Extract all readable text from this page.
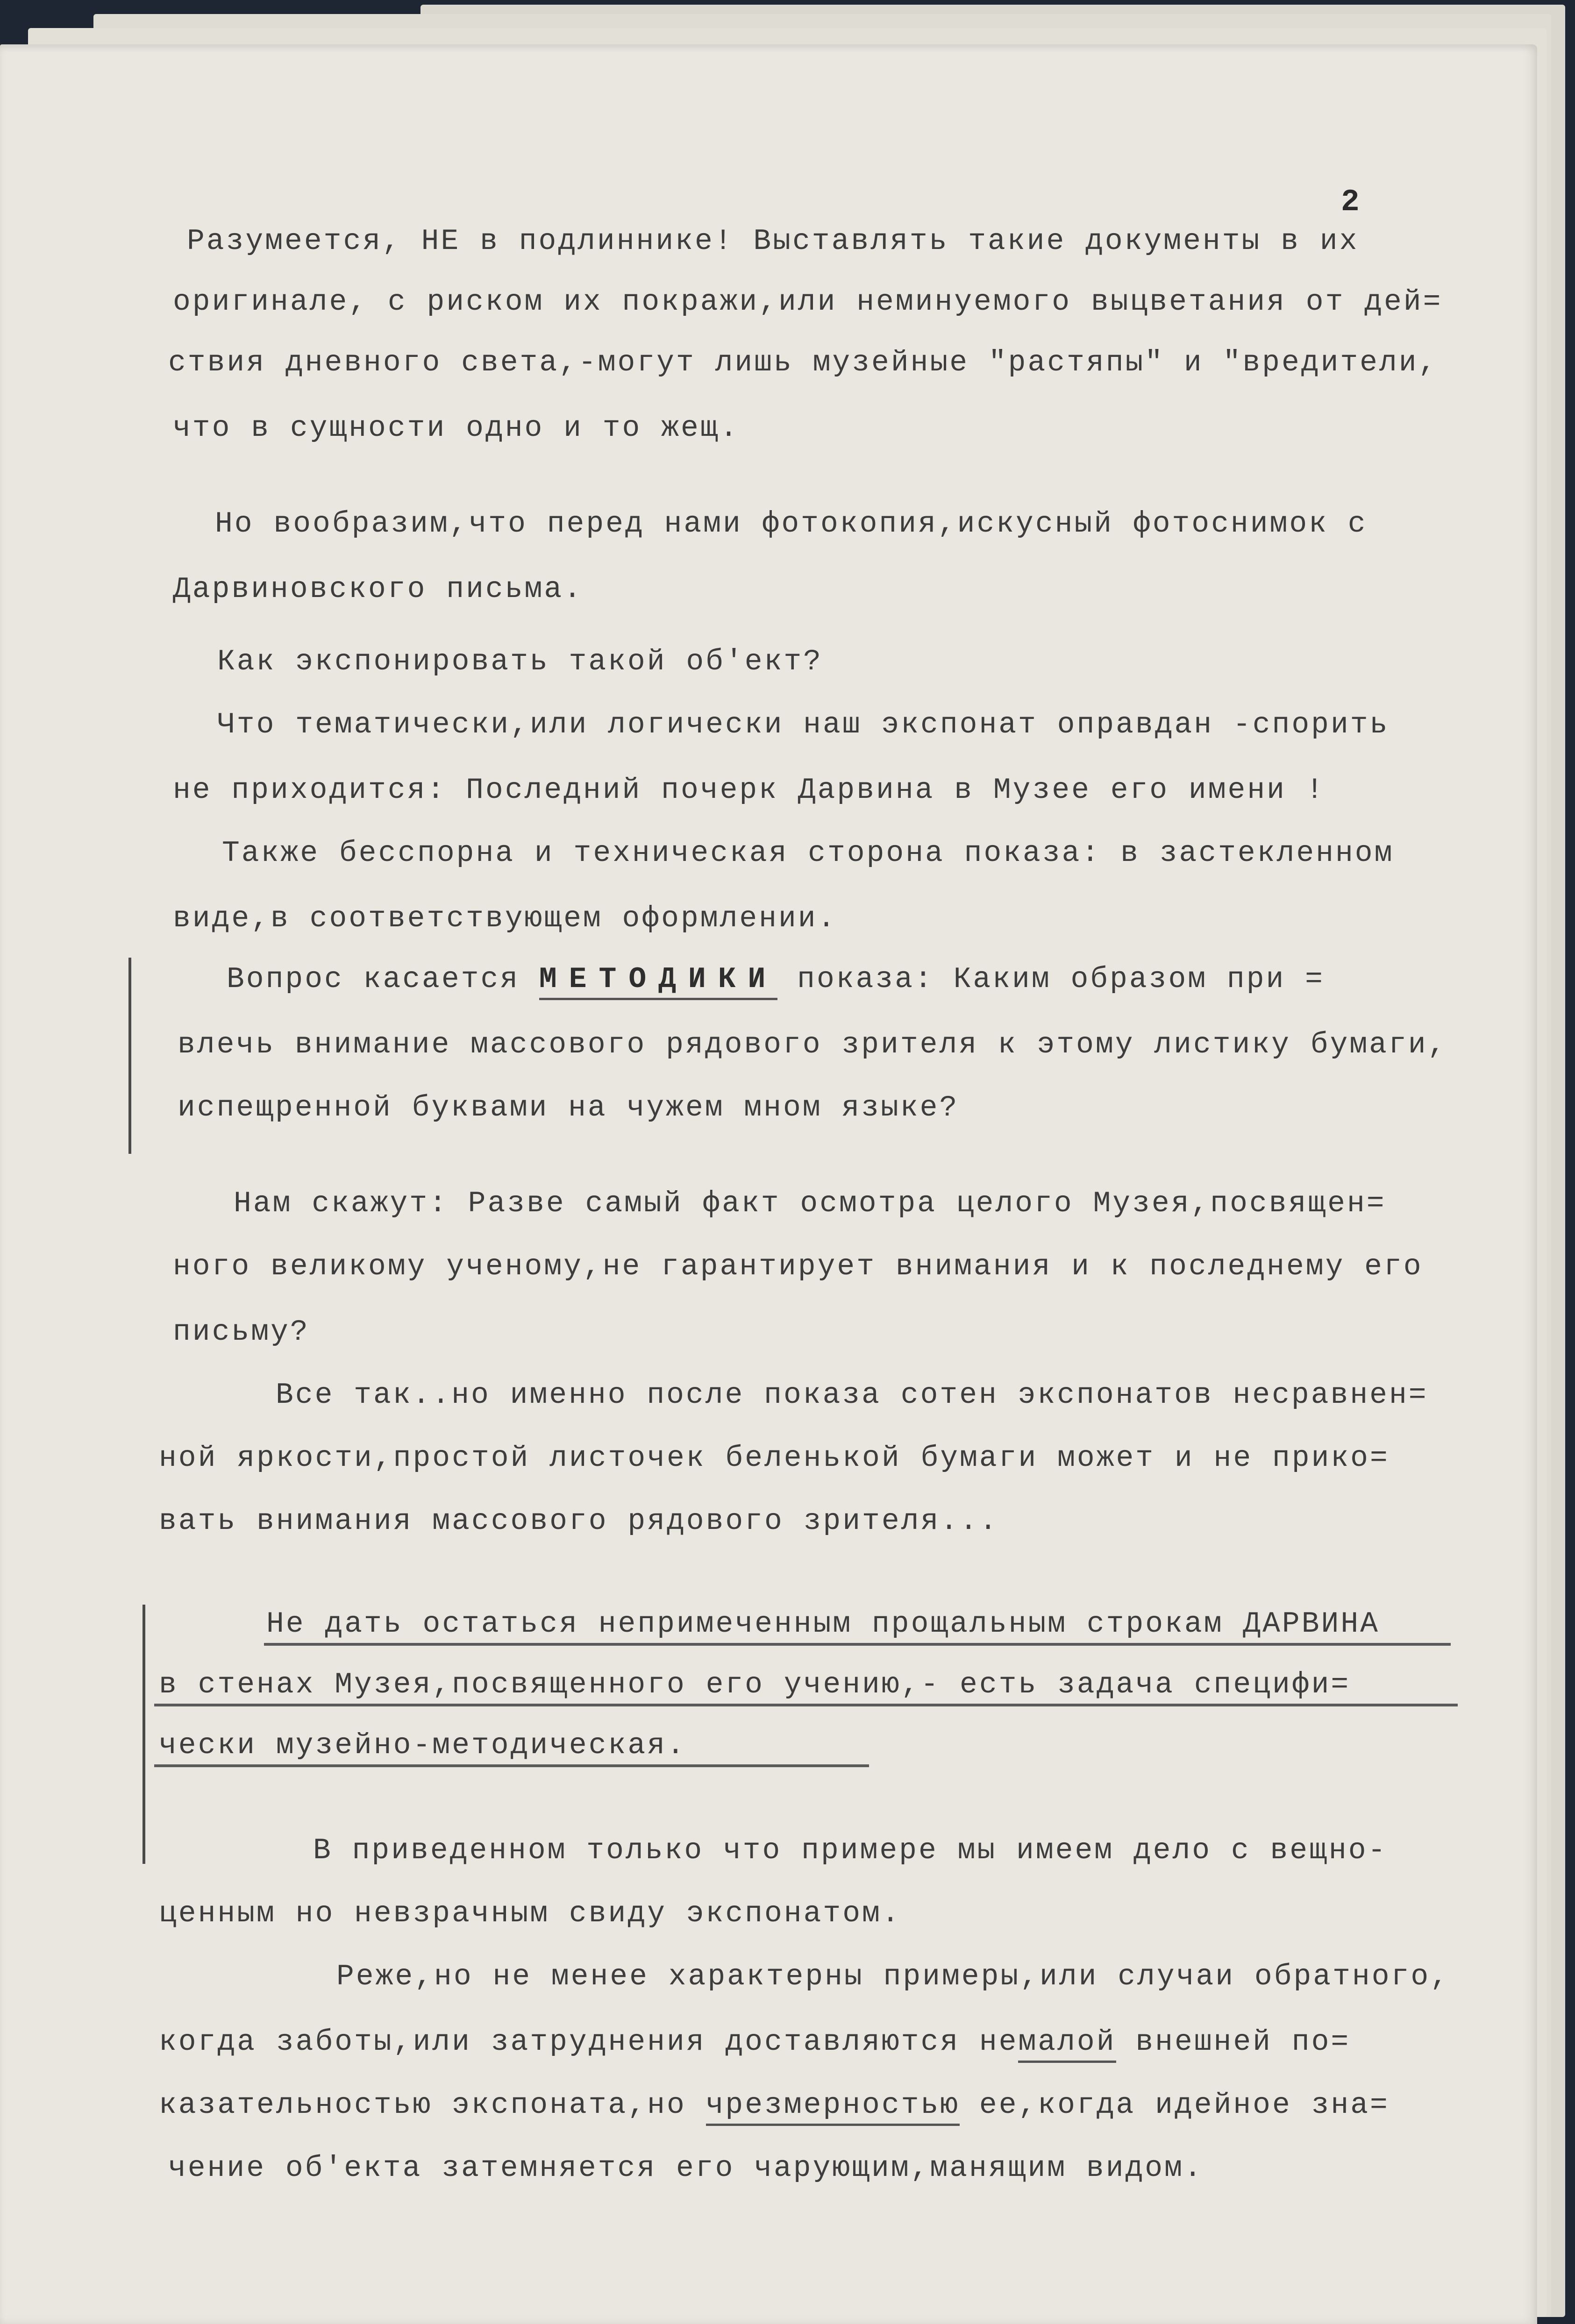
2
Разумеется, НЕ в подлиннике! Выставлять такие документы в их
оригинале, с риском их покражи,или неминуемого выцветания от дей=
ствия дневного света,-могут лишь музейные "растяпы" и "вредители,
что в сущности одно и то жещ.
Но вообразим,что перед нами фотокопия,искусный фотоснимок с
Дарвиновского письма.
Как экспонировать такой об'ект?
Что тематически,или логически наш экспонат оправдан -спорить
не приходится: Последний почерк Дарвина в Музее его имени !
Также бесспорна и техническая сторона показа: в застекленном
виде,в соответствующем оформлении.
Вопрос касается МЕТОДИКИ показа: Каким образом при =
влечь внимание массового рядового зрителя к этому листику бумаги,
испещренной буквами на чужем мном языке?
Нам скажут: Разве самый факт осмотра целого Музея,посвящен=
ного великому ученому,не гарантирует внимания и к последнему его
письму?
Все так..но именно после показа сотен экспонатов несравнен=
ной яркости,простой листочек беленькой бумаги может и не прико=
вать внимания массового рядового зрителя...
Не дать остаться непримеченным прощальным строкам ДАРВИНА
в стенах Музея,посвященного его учению,- есть задача специфи=
чески музейно-методическая.
В приведенном только что примере мы имеем дело с вещно-
ценным но невзрачным свиду экспонатом.
Реже,но не менее характерны примеры,или случаи обратного,
когда заботы,или затруднения доставляются немалой внешней по=
казательностью экспоната,но чрезмерностью ее,когда идейное зна=
чение об'екта затемняется его чарующим,манящим видом.
